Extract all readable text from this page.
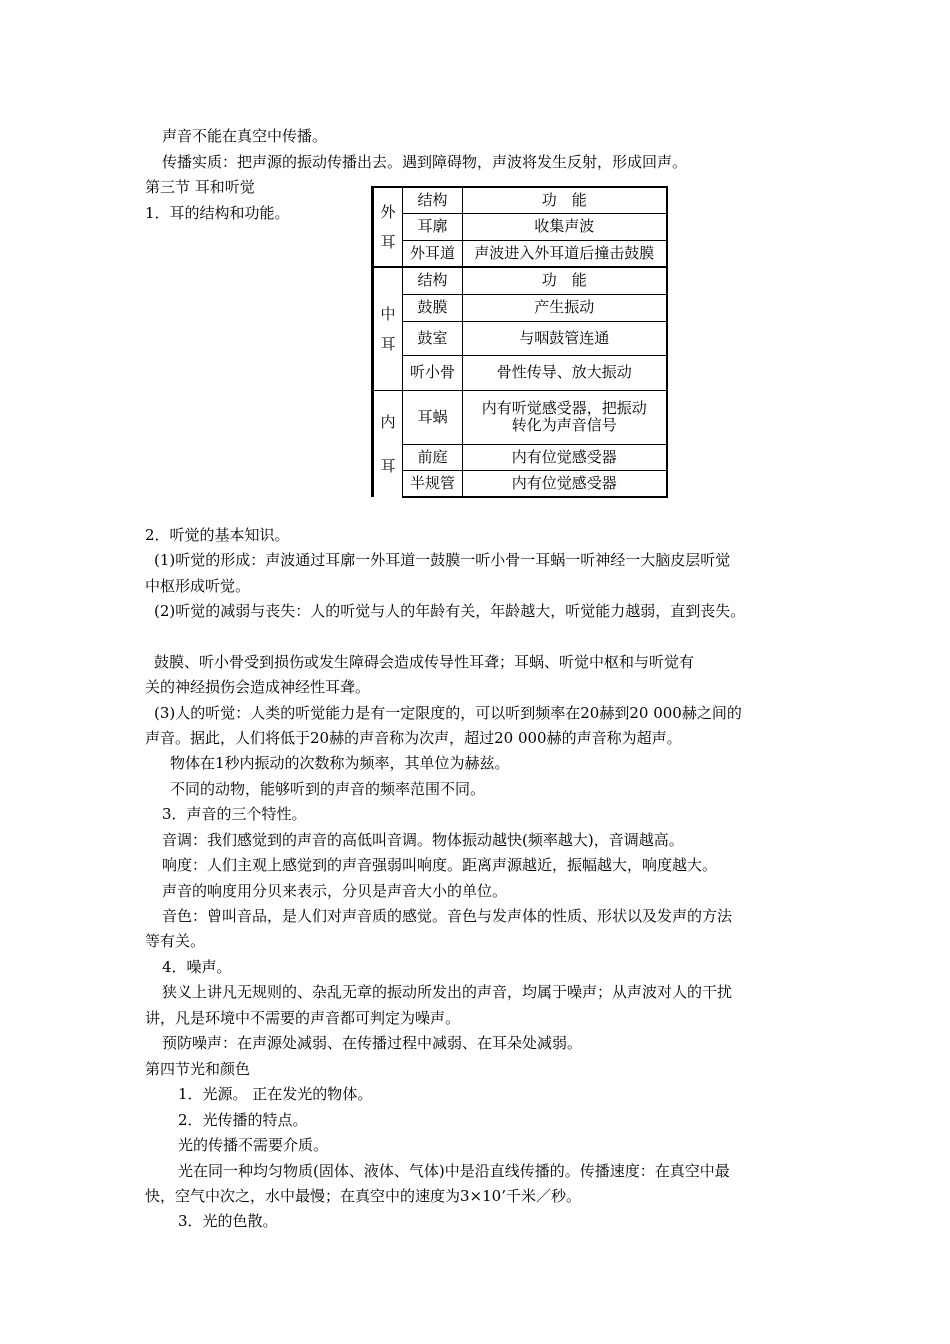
声音不能在真空中传播。
传播实质：把声源的振动传播出去。遇到障碍物，声波将发生反射，形成回声。
第三节 耳和听觉
1．耳的结构和功能。	外
耳	结构	功　能
	耳廓	收集声波
	外耳道	声波进入外耳道后撞击鼓膜

中
耳	结构	功　能
	鼓膜	产生振动
	鼓室	与咽鼓管连通
	听小骨	骨性传导、放大振动

内
耳	耳蜗	内有听觉感受器，把振动转化为声音信号
	前庭	内有位觉感受器
	半规管	内有位觉感受器
2．听觉的基本知识。
(1)听觉的形成：声波通过耳廓一外耳道一鼓膜一听小骨一耳蜗一听神经一大脑皮层听觉
中枢形成听觉。
(2)听觉的减弱与丧失：人的听觉与人的年龄有关，年龄越大，听觉能力越弱，直到丧失。
鼓膜、听小骨受到损伤或发生障碍会造成传导性耳聋；耳蜗、听觉中枢和与听觉有
关的神经损伤会造成神经性耳聋。
(3)人的听觉：人类的听觉能力是有一定限度的，可以听到频率在20赫到20 000赫之间的
声音。据此，人们将低于20赫的声音称为次声，超过20 000赫的声音称为超声。
物体在1秒内振动的次数称为频率，其单位为赫兹。
不同的动物，能够听到的声音的频率范围不同。
3．声音的三个特性。
音调：我们感觉到的声音的高低叫音调。物体振动越快(频率越大)，音调越高。
响度：人们主观上感觉到的声音强弱叫响度。距离声源越近，振幅越大，响度越大。
声音的响度用分贝来表示，分贝是声音大小的单位。
音色：曾叫音品，是人们对声音质的感觉。音色与发声体的性质、形状以及发声的方法
等有关。
4．噪声。
狭义上讲凡无规则的、杂乱无章的振动所发出的声音，均属于噪声；从声波对人的干扰
讲，凡是环境中不需要的声音都可判定为噪声。
预防噪声：在声源处减弱、在传播过程中减弱、在耳朵处减弱。
第四节光和颜色
1．光源。 正在发光的物体。
2．光传播的特点。
光的传播不需要介质。
光在同一种均匀物质(固体、液体、气体)中是沿直线传播的。传播速度：在真空中最
快，空气中次之，水中最慢；在真空中的速度为3×10’千米／秒。
3．光的色散。
